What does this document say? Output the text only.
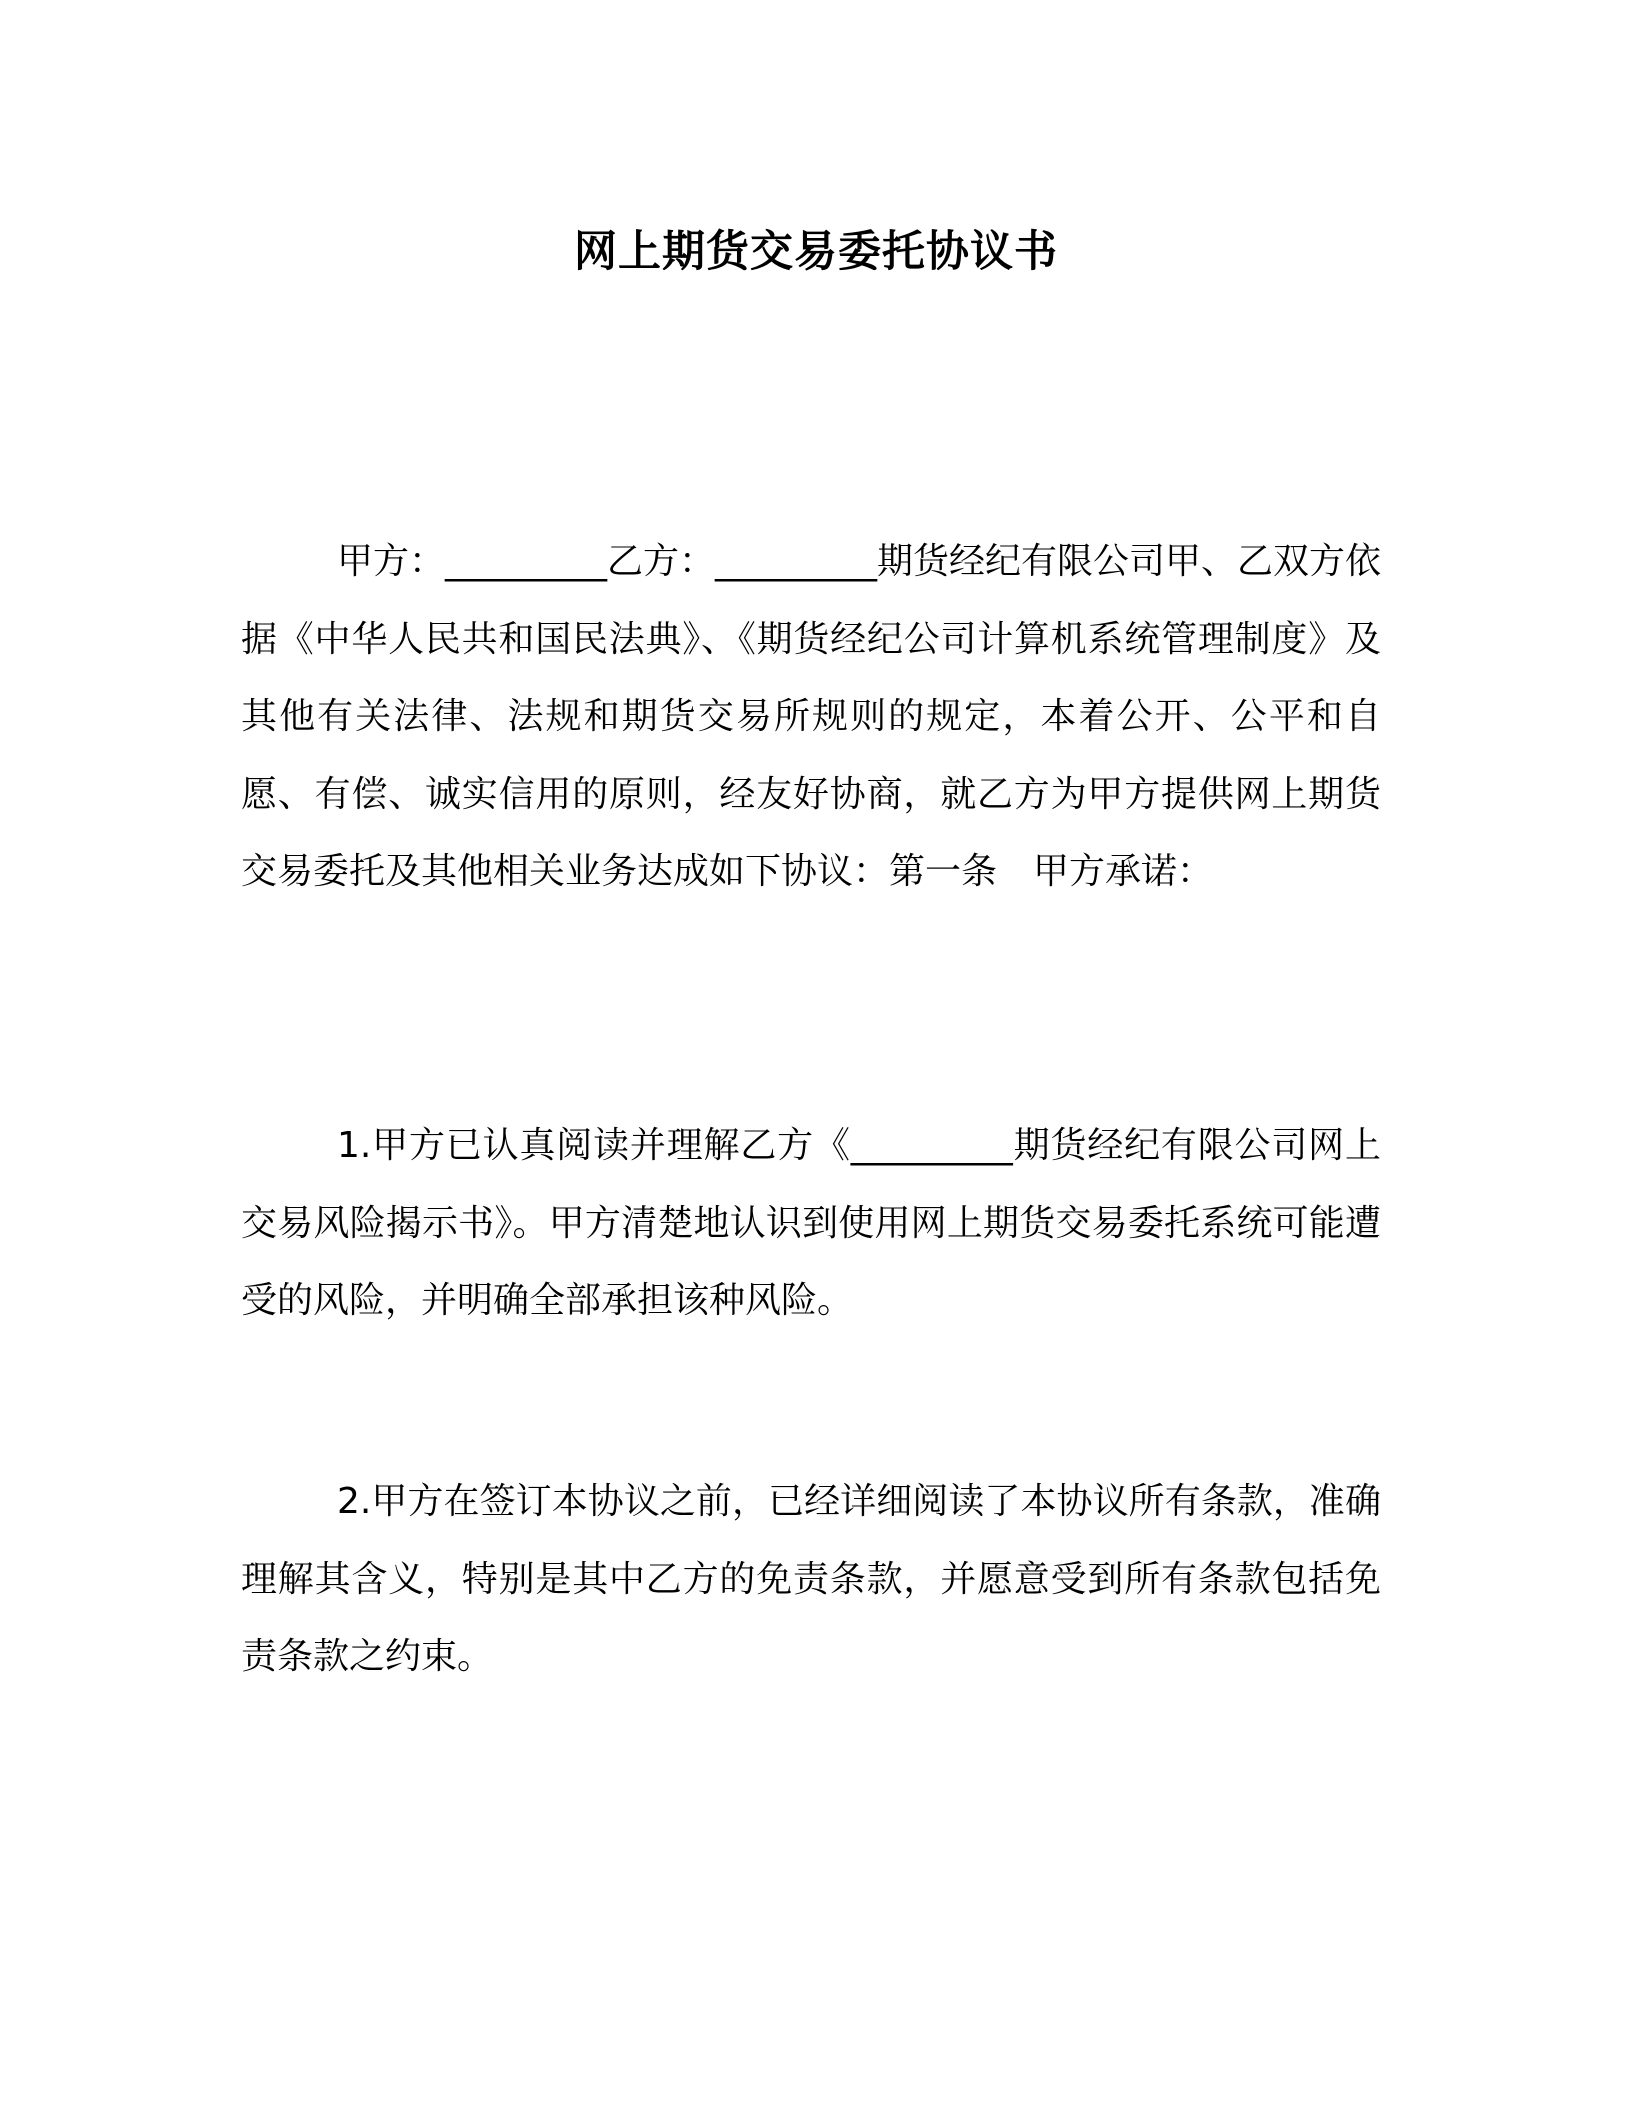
网上期货交易委托协议书

甲方：_________乙方：_________期货经纪有限公司甲、乙双方依据《中华人民共和国民法典》、《期货经纪公司计算机系统管理制度》及其他有关法律、法规和期货交易所规则的规定，本着公开、公平和自愿、有偿、诚实信用的原则，经友好协商，就乙方为甲方提供网上期货交易委托及其他相关业务达成如下协议：第一条　甲方承诺：

1.甲方已认真阅读并理解乙方《_________期货经纪有限公司网上交易风险揭示书》。甲方清楚地认识到使用网上期货交易委托系统可能遭受的风险，并明确全部承担该种风险。

2.甲方在签订本协议之前，已经详细阅读了本协议所有条款，准确理解其含义，特别是其中乙方的免责条款，并愿意受到所有条款包括免责条款之约束。
